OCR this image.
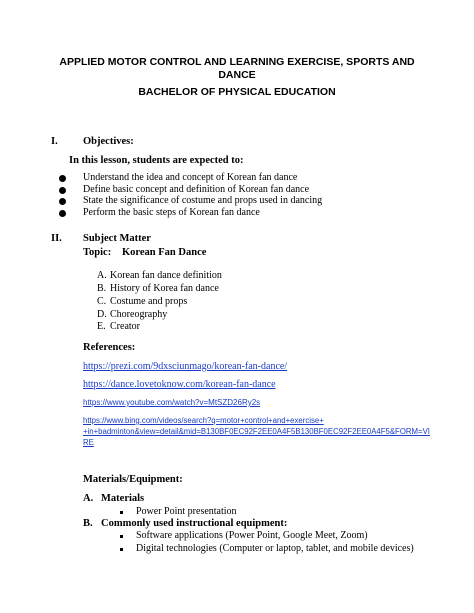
APPLIED MOTOR CONTROL AND LEARNING EXERCISE, SPORTS AND
DANCE
BACHELOR OF PHYSICAL EDUCATION
I. Objectives:
In this lesson, students are expected to:
Understand the idea and concept of Korean fan dance
Define basic concept and definition of Korean fan dance
State the significance of costume and props used in dancing
Perform the basic steps of Korean fan dance
II. Subject Matter
Topic: Korean Fan Dance
A. Korean fan dance definition
B. History of Korea fan dance
C. Costume and props
D. Choreography
E. Creator
References:
https://prezi.com/9dxsciunmago/korean-fan-dance/
https://dance.lovetoknow.com/korean-fan-dance
https://www.youtube.com/watch?v=MtSZD26Ry2s
https://www.bing.com/videos/search?q=motor+control+and+exercise+
+in+badminton&view=detail&mid=B130BF0EC92F2EE0A4F5B130BF0EC92F2EE0A4F5&FORM=VI
RE
Materials/Equipment:
A. Materials
Power Point presentation
B. Commonly used instructional equipment:
Software applications (Power Point, Google Meet, Zoom)
Digital technologies (Computer or laptop, tablet, and mobile devices)
